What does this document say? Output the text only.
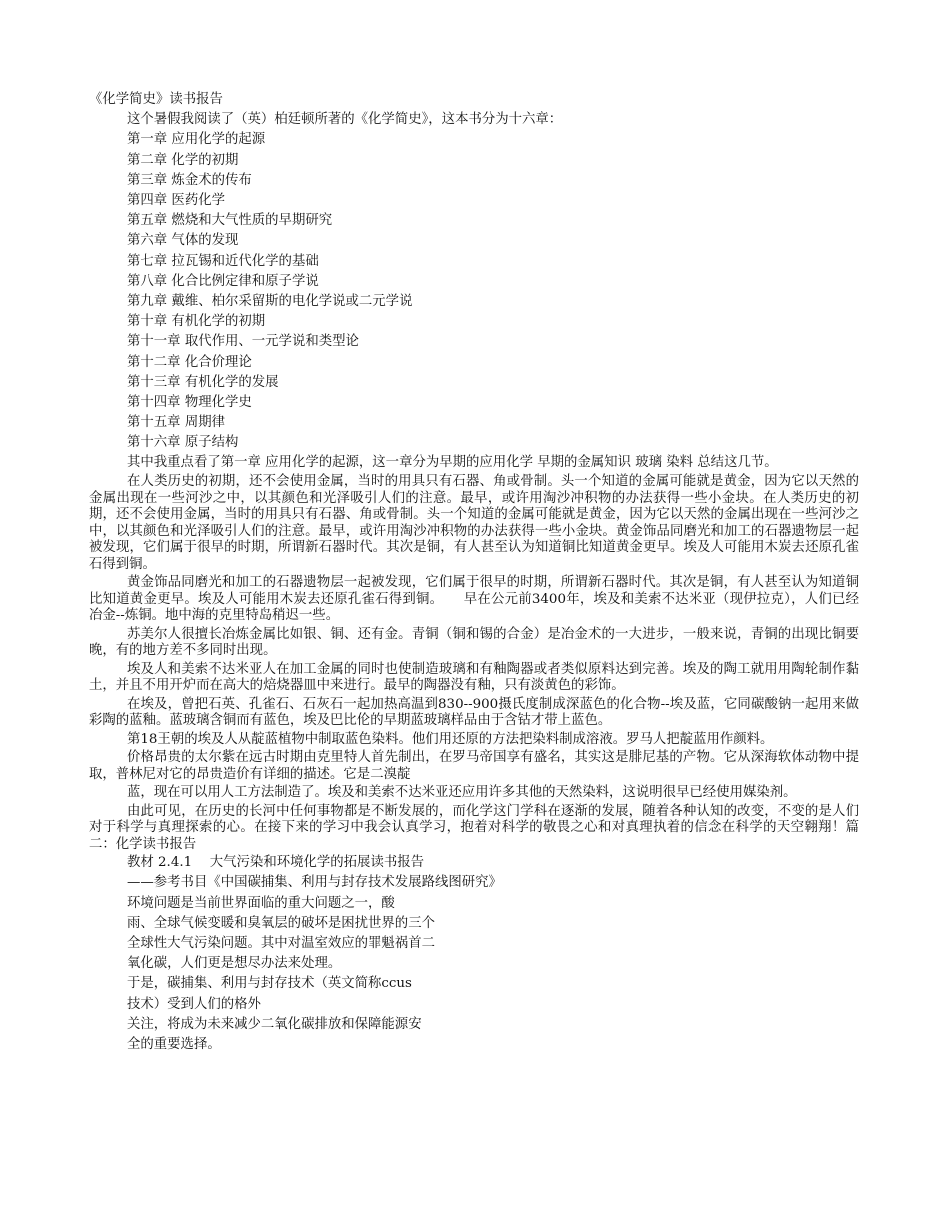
《化学简史》读书报告
这个暑假我阅读了（英）柏廷顿所著的《化学简史》，这本书分为十六章：
第一章 应用化学的起源
第二章 化学的初期
第三章 炼金术的传布
第四章 医药化学
第五章 燃烧和大气性质的早期研究
第六章 气体的发现
第七章 拉瓦锡和近代化学的基础
第八章 化合比例定律和原子学说
第九章 戴维、柏尔采留斯的电化学说或二元学说
第十章 有机化学的初期
第十一章 取代作用、一元学说和类型论
第十二章 化合价理论
第十三章 有机化学的发展
第十四章 物理化学史
第十五章 周期律
第十六章 原子结构
其中我重点看了第一章 应用化学的起源，这一章分为早期的应用化学 早期的金属知识 玻璃 染料 总结这几节。
在人类历史的初期，还不会使用金属，当时的用具只有石器、角或骨制。头一个知道的金属可能就是黄金，因为它以天然的金属出现在一些河沙之中，以其颜色和光泽吸引人们的注意。最早，或许用淘沙冲积物的办法获得一些小金块。在人类历史的初期，还不会使用金属，当时的用具只有石器、角或骨制。头一个知道的金属可能就是黄金，因为它以天然的金属出现在一些河沙之中，以其颜色和光泽吸引人们的注意。最早，或许用淘沙冲积物的办法获得一些小金块。黄金饰品同磨光和加工的石器遗物层一起被发现，它们属于很早的时期，所谓新石器时代。其次是铜，有人甚至认为知道铜比知道黄金更早。埃及人可能用木炭去还原孔雀石得到铜。
黄金饰品同磨光和加工的石器遗物层一起被发现，它们属于很早的时期，所谓新石器时代。其次是铜，有人甚至认为知道铜比知道黄金更早。埃及人可能用木炭去还原孔雀石得到铜。　　早在公元前3400年，埃及和美索不达米亚（现伊拉克），人们已经冶金--炼铜。地中海的克里特岛稍迟一些。
苏美尔人很擅长冶炼金属比如银、铜、还有金。青铜（铜和锡的合金）是冶金术的一大进步，一般来说，青铜的出现比铜要晚，有的地方差不多同时出现。
埃及人和美索不达米亚人在加工金属的同时也使制造玻璃和有釉陶器或者类似原料达到完善。埃及的陶工就用用陶轮制作黏土，并且不用开炉而在高大的焙烧器皿中来进行。最早的陶器没有釉，只有淡黄色的彩饰。
在埃及，曾把石英、孔雀石、石灰石一起加热高温到830--900摄氏度制成深蓝色的化合物--埃及蓝，它同碳酸钠一起用来做彩陶的蓝釉。蓝玻璃含铜而有蓝色，埃及巴比伦的早期蓝玻璃样品由于含钴才带上蓝色。
第18王朝的埃及人从靛蓝植物中制取蓝色染料。他们用还原的方法把染料制成溶液。罗马人把靛蓝用作颜料。
价格昂贵的太尔紫在远古时期由克里特人首先制出，在罗马帝国享有盛名，其实这是腓尼基的产物。它从深海软体动物中提取，普林尼对它的昂贵造价有详细的描述。它是二溴靛
蓝，现在可以用人工方法制造了。埃及和美索不达米亚还应用许多其他的天然染料，这说明很早已经使用媒染剂。
由此可见，在历史的长河中任何事物都是不断发展的，而化学这门学科在逐渐的发展，随着各种认知的改变，不变的是人们对于科学与真理探索的心。在接下来的学习中我会认真学习，抱着对科学的敬畏之心和对真理执着的信念在科学的天空翱翔！篇二：化学读书报告
教材 2.4.1　 大气污染和环境化学的拓展读书报告
——参考书目《中国碳捕集、利用与封存技术发展路线图研究》
环境问题是当前世界面临的重大问题之一，酸
雨、全球气候变暖和臭氧层的破坏是困扰世界的三个
全球性大气污染问题。其中对温室效应的罪魁祸首二
氧化碳，人们更是想尽办法来处理。
于是，碳捕集、利用与封存技术（英文简称ccus
技术）受到人们的格外
关注，将成为未来减少二氧化碳排放和保障能源安
全的重要选择。
